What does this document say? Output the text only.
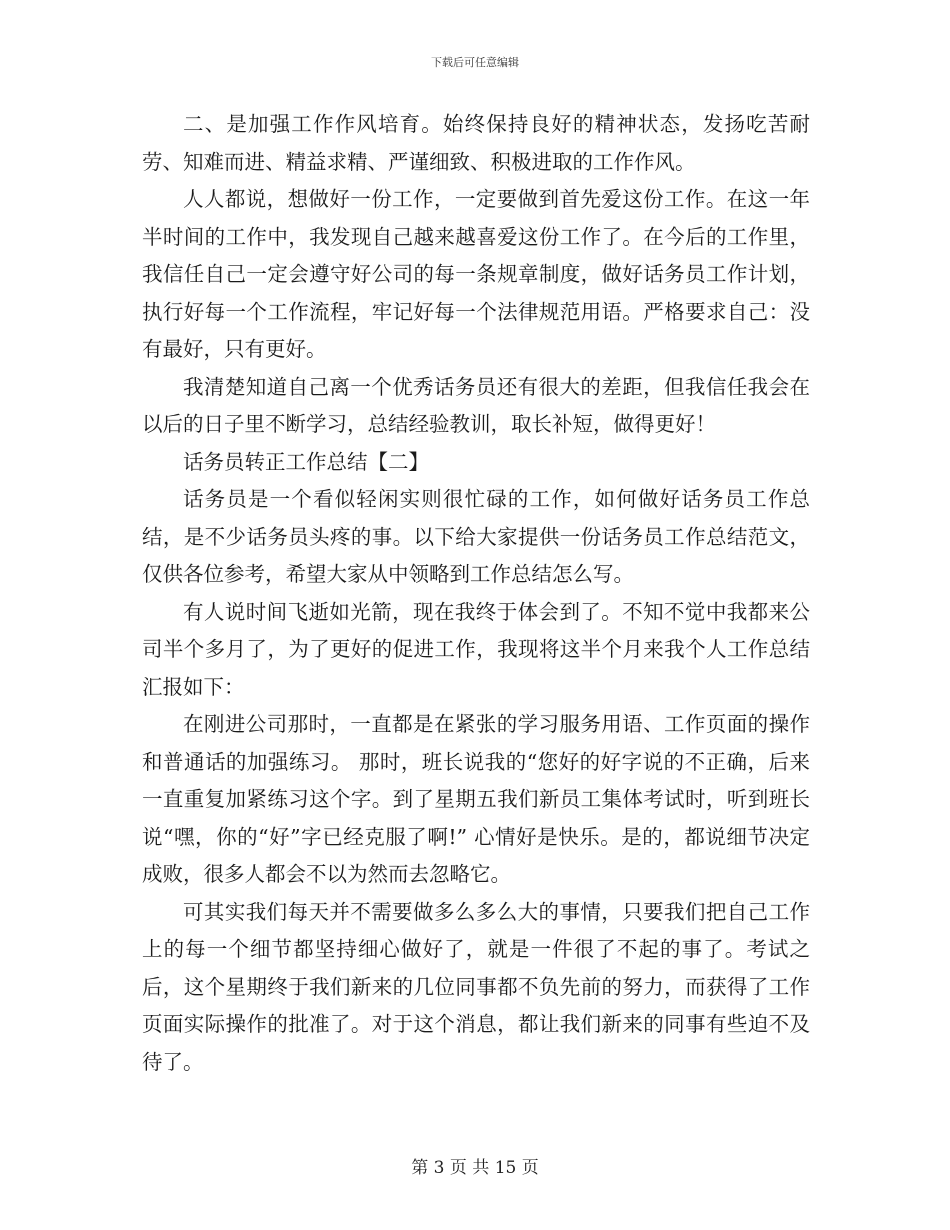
下载后可任意编辑

二、是加强工作作风培育。始终保持良好的精神状态，发扬吃苦耐劳、知难而进、精益求精、严谨细致、积极进取的工作作风。

人人都说，想做好一份工作，一定要做到首先爱这份工作。在这一年半时间的工作中，我发现自己越来越喜爱这份工作了。在今后的工作里，我信任自己一定会遵守好公司的每一条规章制度，做好话务员工作计划，执行好每一个工作流程，牢记好每一个法律规范用语。严格要求自己：没有最好，只有更好。

我清楚知道自己离一个优秀话务员还有很大的差距，但我信任我会在以后的日子里不断学习，总结经验教训，取长补短，做得更好！

话务员转正工作总结【二】

话务员是一个看似轻闲实则很忙碌的工作，如何做好话务员工作总结，是不少话务员头疼的事。以下给大家提供一份话务员工作总结范文，仅供各位参考，希望大家从中领略到工作总结怎么写。

有人说时间飞逝如光箭，现在我终于体会到了。不知不觉中我都来公司半个多月了，为了更好的促进工作，我现将这半个月来我个人工作总结汇报如下：

在刚进公司那时，一直都是在紧张的学习服务用语、工作页面的操作和普通话的加强练习。 那时，班长说我的“您好的好字说的不正确，后来一直重复加紧练习这个字。到了星期五我们新员工集体考试时，听到班长说“嘿，你的“好”字已经克服了啊!” 心情好是快乐。是的，都说细节决定成败，很多人都会不以为然而去忽略它。

可其实我们每天并不需要做多么多么大的事情，只要我们把自己工作上的每一个细节都坚持细心做好了，就是一件很了不起的事了。考试之后，这个星期终于我们新来的几位同事都不负先前的努力，而获得了工作页面实际操作的批准了。对于这个消息，都让我们新来的同事有些迫不及待了。

第 3 页 共 15 页
